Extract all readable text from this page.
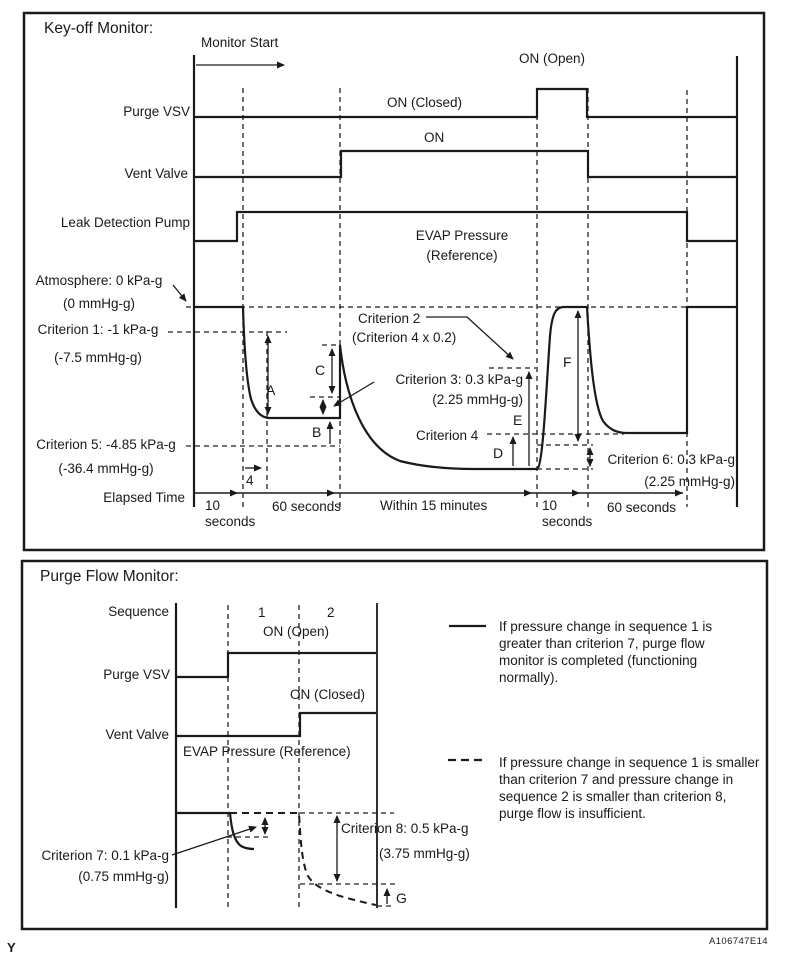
Key-off Monitor:
Monitor Start
Purge VSV
ON (Closed)
ON (Open)
Vent Valve
ON
Leak Detection Pump
EVAP Pressure
(Reference)
Atmosphere: 0 kPa-g
(0 mmHg-g)
Criterion 1: -1 kPa-g
(-7.5 mmHg-g)
Criterion 5: -4.85 kPa-g
(-36.4 mmHg-g)
Elapsed Time
Criterion 2
(Criterion 4 x 0.2)
Criterion 3: 0.3 kPa-g
(2.25 mmHg-g)
Criterion 4
Criterion 6: 0.3 kPa-g
(2.25 mmHg-g)
A
B
C
D
E
F
4
10 seconds
60 seconds	Within 15 minutes	10 seconds
60 seconds
Purge Flow Monitor:
Sequence	1	2
ON (Open)
Purge VSV
ON (Closed)
Vent Valve
EVAP Pressure (Reference)
Criterion 7: 0.1 kPa-g
(0.75 mmHg-g)
Criterion 8: 0.5 kPa-g
(3.75 mmHg-g)
G
If pressure change in sequence 1 is greater than criterion 7, purge flow monitor is completed (functioning normally).
If pressure change in sequence 1 is smaller than criterion 7 and pressure change in sequence 2 is smaller than criterion 8, purge flow is insufficient.
Y	A106747E14
